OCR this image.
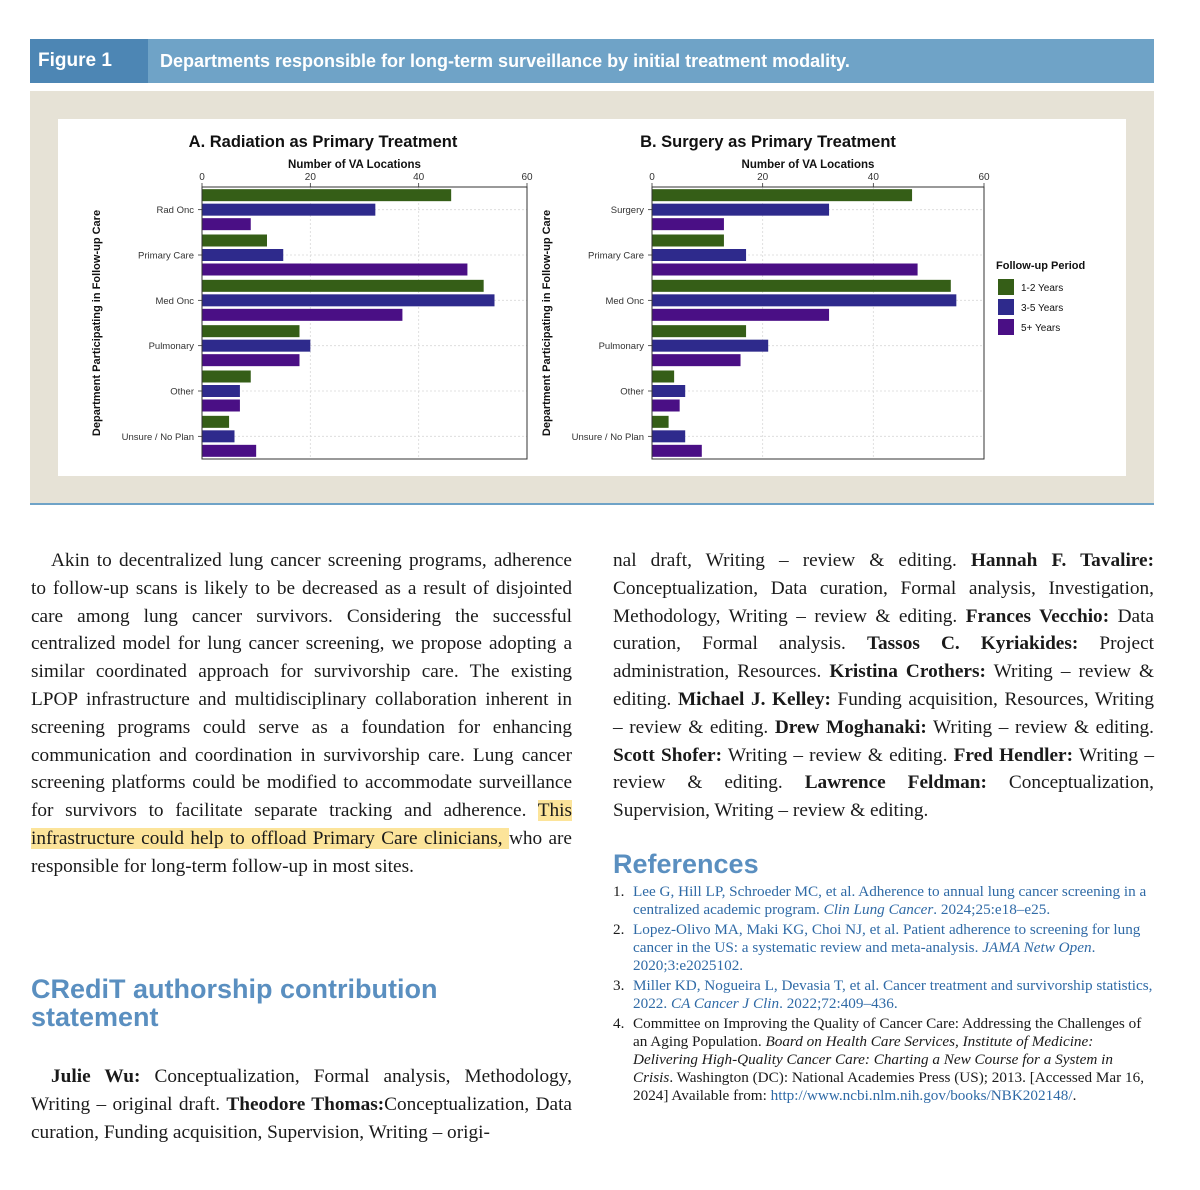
Figure 1	Departments responsible for long-term surveillance by initial treatment modality.
A. Radiation as Primary Treatment
Number of VA Locations
Department Participating in Follow-up Care	Rad Onc
Primary Care
Med Onc
Pulmonary
Other
Unsure / No Plan
0	20	40	60
B. Surgery as Primary Treatment
Number of VA Locations
Department Participating in Follow-up Care	Surgery
Primary Care
Med Onc
Pulmonary
Other
Unsure / No Plan
0	20	40	60
Follow-up Period
1-2 Years
3-5 Years
5+ Years

Akin to decentralized lung cancer screening programs, adherence to follow-up scans is likely to be decreased as a result of disjointed care among lung cancer survivors. Considering the successful centralized model for lung cancer screening, we propose adopting a similar coordinated approach for survivorship care. The existing LPOP infrastructure and multidisciplinary collaboration inherent in screening programs could serve as a foundation for enhancing communication and coordination in survivorship care. Lung cancer screening platforms could be modified to accommodate surveillance for survivors to facilitate separate tracking and adherence. This infrastructure could help to offload Primary Care clinicians, who are responsible for long-term follow-up in most sites.

CRediT authorship contribution statement
Julie Wu: Conceptualization, Formal analysis, Methodology, Writing – original draft. Theodore Thomas:Conceptualization, Data curation, Funding acquisition, Supervision, Writing – origi-

nal draft, Writing – review & editing. Hannah F. Tavalire: Conceptualization, Data curation, Formal analysis, Investigation, Methodology, Writing – review & editing. Frances Vecchio: Data curation, Formal analysis. Tassos C. Kyriakides: Project administration, Resources. Kristina Crothers: Writing – review & editing. Michael J. Kelley: Funding acquisition, Resources, Writing – review & editing. Drew Moghanaki: Writing – review & editing. Scott Shofer: Writing – review & editing. Fred Hendler: Writing – review & editing. Lawrence Feldman: Conceptualization, Supervision, Writing – review & editing.

References
1. Lee G, Hill LP, Schroeder MC, et al. Adherence to annual lung cancer screening in a centralized academic program. Clin Lung Cancer. 2024;25:e18–e25.
2. Lopez-Olivo MA, Maki KG, Choi NJ, et al. Patient adherence to screening for lung cancer in the US: a systematic review and meta-analysis. JAMA Netw Open. 2020;3:e2025102.
3. Miller KD, Nogueira L, Devasia T, et al. Cancer treatment and survivorship statistics, 2022. CA Cancer J Clin. 2022;72:409–436.
4. Committee on Improving the Quality of Cancer Care: Addressing the Challenges of an Aging Population. Board on Health Care Services, Institute of Medicine: Delivering High-Quality Cancer Care: Charting a New Course for a System in Crisis. Washington (DC): National Academies Press (US); 2013. [Accessed Mar 16, 2024] Available from: http://www.ncbi.nlm.nih.gov/books/NBK202148/.
